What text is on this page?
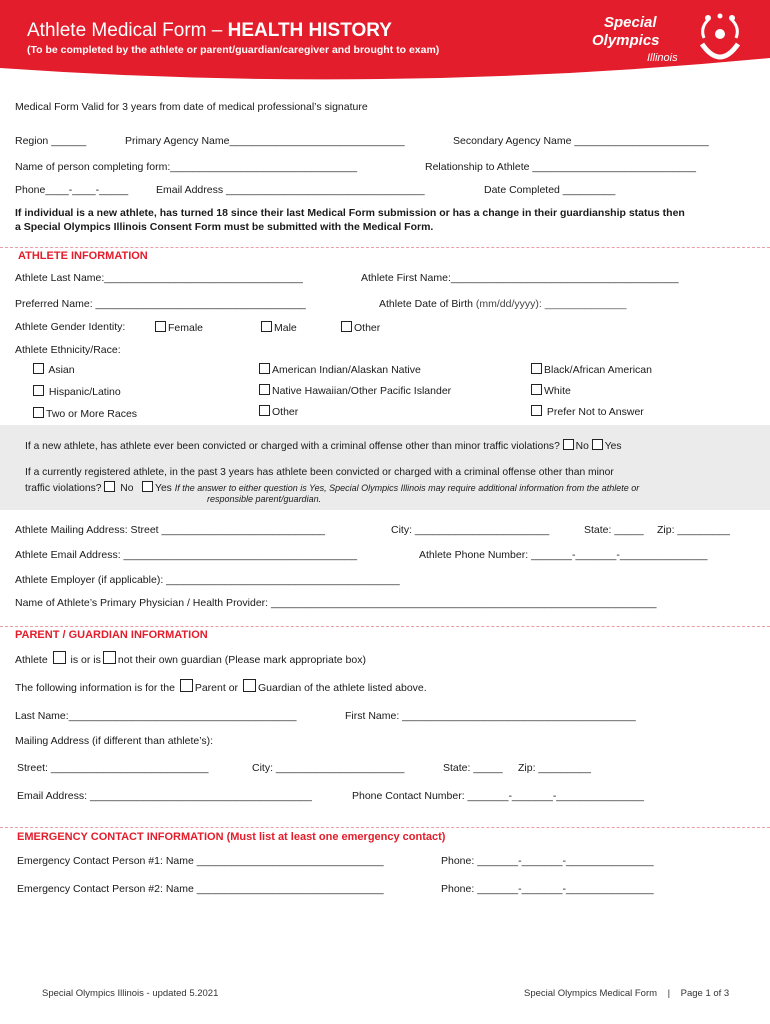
Athlete Medical Form – HEALTH HISTORY
(To be completed by the athlete or parent/guardian/caregiver and brought to exam)
Special
Olympics
Illinois
Medical Form Valid for 3 years from date of medical professional’s signature
Region ______	Primary Agency Name______________________________	Secondary Agency Name _______________________
Name of person completing form:________________________________	Relationship to Athlete ____________________________
Phone____-____-_____	Email Address __________________________________	Date Completed _________
If individual is a new athlete, has turned 18 since their last Medical Form submission or has a change in their guardianship status then
a Special Olympics Illinois Consent Form must be submitted with the Medical Form.
ATHLETE INFORMATION
Athlete Last Name:__________________________________	Athlete First Name:_______________________________________
Preferred Name: ____________________________________	Athlete Date of Birth (mm/dd/yyyy): ______________
Athlete Gender Identity:	Female	Male	Other
Athlete Ethnicity/Race:
Asian	American Indian/Alaskan Native	Black/African American
Hispanic/Latino	Native Hawaiian/Other Pacific Islander	White
Two or More Races	Other	Prefer Not to Answer
If a new athlete, has athlete ever been convicted or charged with a criminal offense other than minor traffic violations? No Yes
If a currently registered athlete, in the past 3 years has athlete been convicted or charged with a criminal offense other than minor
traffic violations? No Yes If the answer to either question is Yes, Special Olympics Illinois may require additional information from the athlete or
responsible parent/guardian.
Athlete Mailing Address: Street ____________________________	City: _______________________	State: _____ Zip: _________
Athlete Email Address: ________________________________________	Athlete Phone Number: _______-_______-_______________
Athlete Employer (if applicable): ________________________________________
Name of Athlete’s Primary Physician / Health Provider: __________________________________________________________________
PARENT / GUARDIAN INFORMATION
Athlete is or is not their own guardian (Please mark appropriate box)
The following information is for the Parent or Guardian of the athlete listed above.
Last Name:_______________________________________	First Name: ________________________________________
Mailing Address (if different than athlete’s):
Street: ___________________________	City: ______________________	State: _____ Zip: _________
Email Address: ______________________________________	Phone Contact Number: _______-_______-_______________
EMERGENCY CONTACT INFORMATION (Must list at least one emergency contact)
Emergency Contact Person #1: Name ________________________________	Phone: _______-_______-_______________
Emergency Contact Person #2: Name ________________________________	Phone: _______-_______-_______________
Special Olympics Illinois - updated 5.2021	Special Olympics Medical Form    |    Page 1 of 3
